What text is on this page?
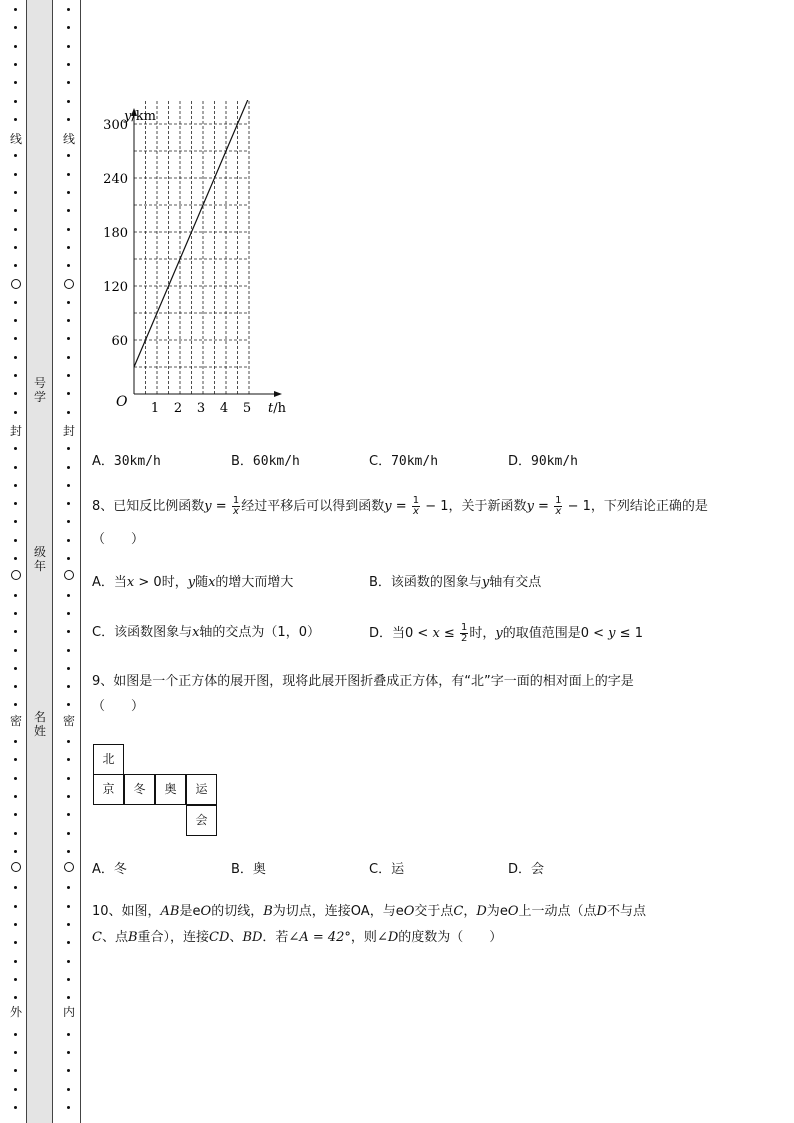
线
封
密
外
线
封
密
内
号
学
级
年
名
姓
60
120
180
240
300
1 2 3 4 5
y/km
t/h
O
A．30km/h	B．60km/h	C．70km/h	D．90km/h
8、已知反比例函数$y = \frac{1}{x}$ 经过平移后可以得到函数$y = \frac{1}{x} - 1$，关于新函数$y = \frac{1}{x} - 1$，下列结论正确的是
（　　）
A．当x > 0时，y随x的增大而增大	B．该函数的图象与y轴有交点
C．该函数图象与x轴的交点为（1，0）	D．当$0 < x \le \frac{1}{2}$ 时，y的取值范围是0 < y ≤ 1
9、如图是一个正方体的展开图，现将此展开图折叠成正方体，有“北”字一面的相对面上的字是
（　　）
北
京	冬	奥	运
会
A．冬	B．奥	C．运	D．会
10、如图，AB是eO的切线，B为切点，连接OA，与eO交于点C，D为eO上一动点（点D不与点
C、点B重合），连接CD、BD．若∠A = 42°，则∠D的度数为（　　）
